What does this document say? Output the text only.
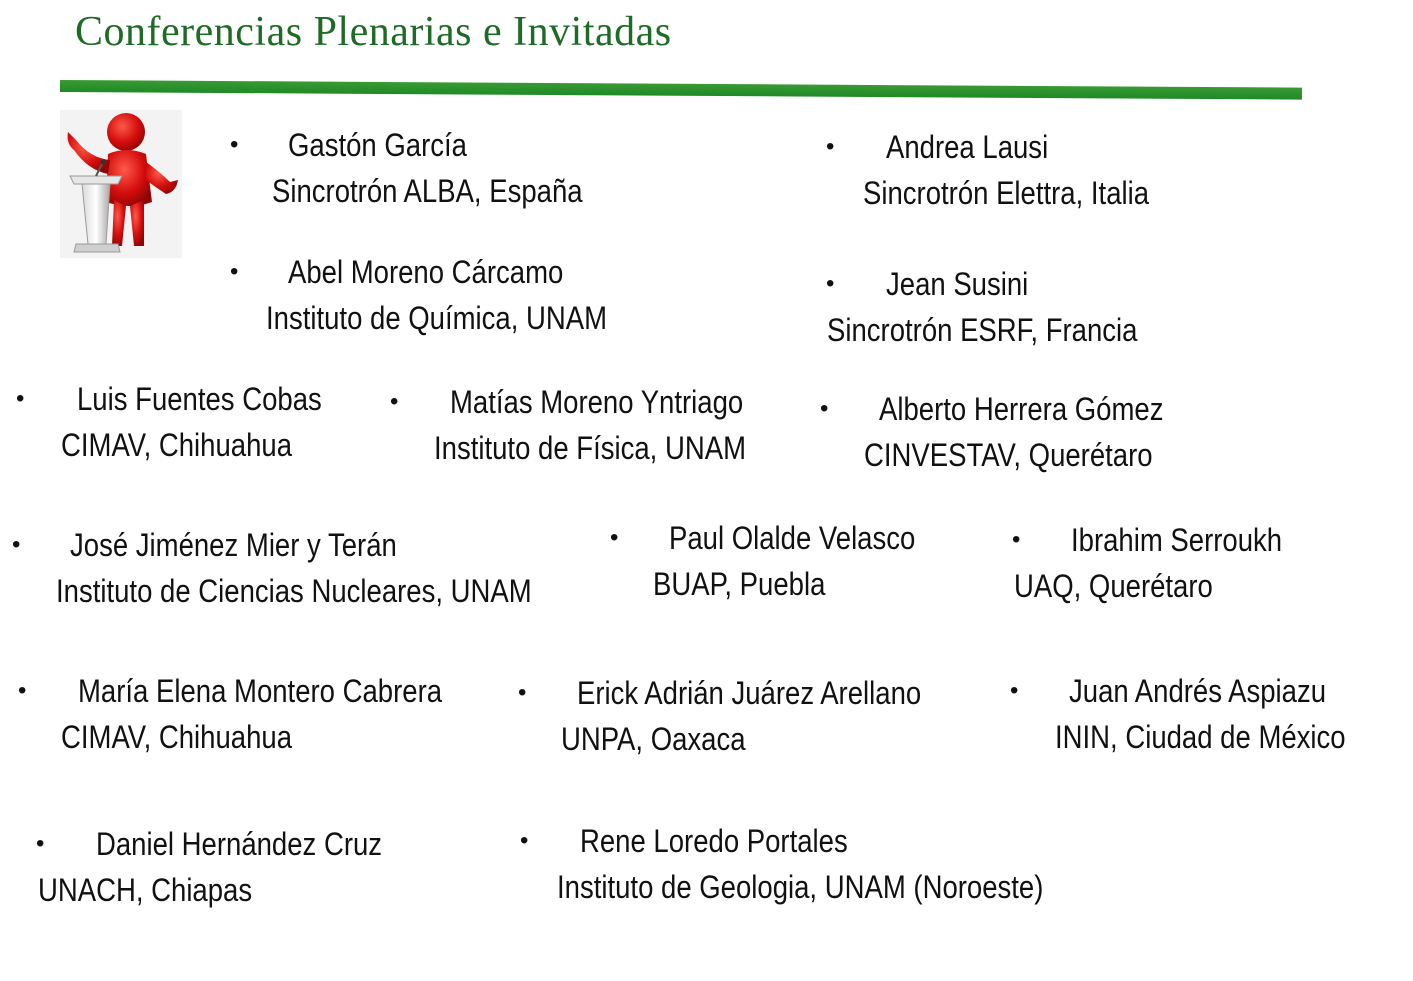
Conferencias Plenarias e Invitadas
• Gastón García
Sincrotrón ALBA, España
• Andrea Lausi
Sincrotrón Elettra, Italia
• Abel Moreno Cárcamo
Instituto de Química, UNAM
• Jean Susini
Sincrotrón ESRF, Francia
• Luis Fuentes Cobas
CIMAV, Chihuahua
• Matías Moreno Yntriago
Instituto de Física, UNAM
• Alberto Herrera Gómez
CINVESTAV, Querétaro
• José Jiménez Mier y Terán
Instituto de Ciencias Nucleares, UNAM
• Paul Olalde Velasco
BUAP, Puebla
• Ibrahim Serroukh
UAQ, Querétaro
• María Elena Montero Cabrera
CIMAV, Chihuahua
• Erick Adrián Juárez Arellano
UNPA, Oaxaca
• Juan Andrés Aspiazu
ININ, Ciudad de México
• Daniel Hernández Cruz
UNACH, Chiapas
• Rene Loredo Portales
Instituto de Geologia, UNAM (Noroeste)
